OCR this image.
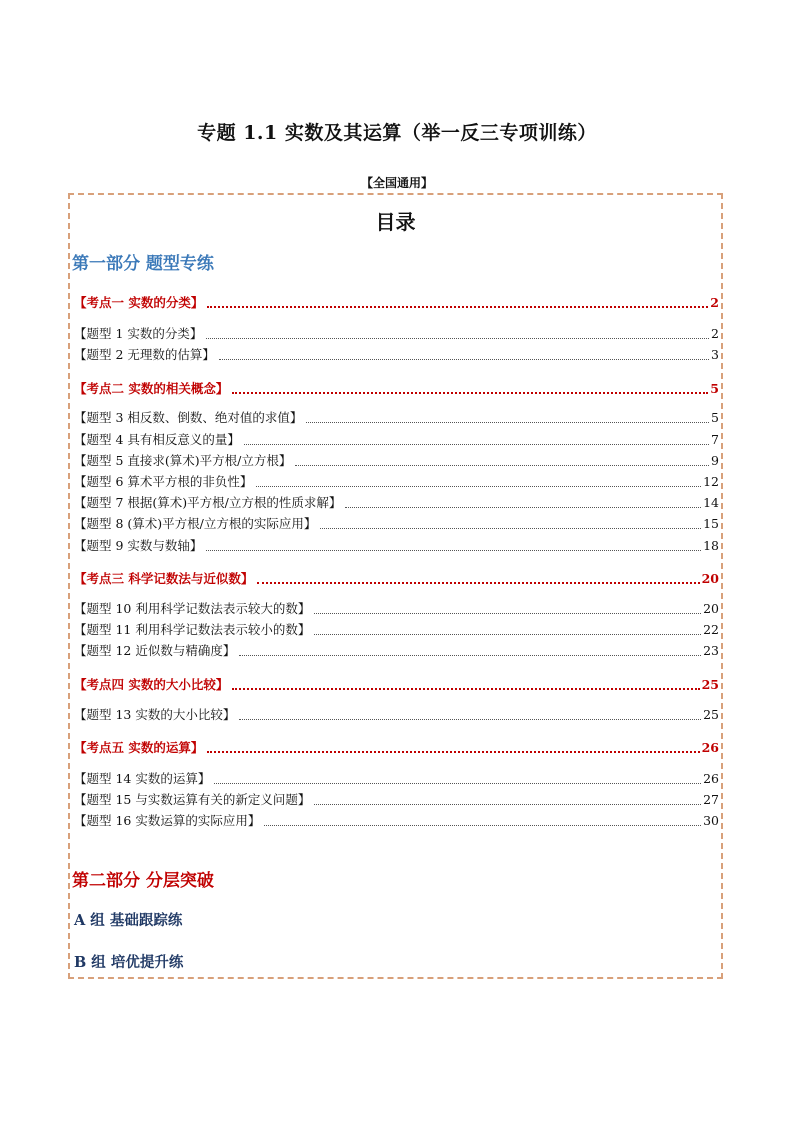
专题 1.1 实数及其运算（举一反三专项训练）
【全国通用】
目录
第一部分 题型专练
【考点一 实数的分类】	2
【题型 1 实数的分类】	2
【题型 2 无理数的估算】	3
【考点二 实数的相关概念】	5
【题型 3 相反数、倒数、绝对值的求值】	5
【题型 4 具有相反意义的量】	7
【题型 5 直接求(算术)平方根/立方根】	9
【题型 6 算术平方根的非负性】	12
【题型 7 根据(算术)平方根/立方根的性质求解】	14
【题型 8 (算术)平方根/立方根的实际应用】	15
【题型 9 实数与数轴】	18
【考点三 科学记数法与近似数】	20
【题型 10 利用科学记数法表示较大的数】	20
【题型 11 利用科学记数法表示较小的数】	22
【题型 12 近似数与精确度】	23
【考点四 实数的大小比较】	25
【题型 13 实数的大小比较】	25
【考点五 实数的运算】	26
【题型 14 实数的运算】	26
【题型 15 与实数运算有关的新定义问题】	27
【题型 16 实数运算的实际应用】	30
第二部分 分层突破
A 组 基础跟踪练
B 组 培优提升练
